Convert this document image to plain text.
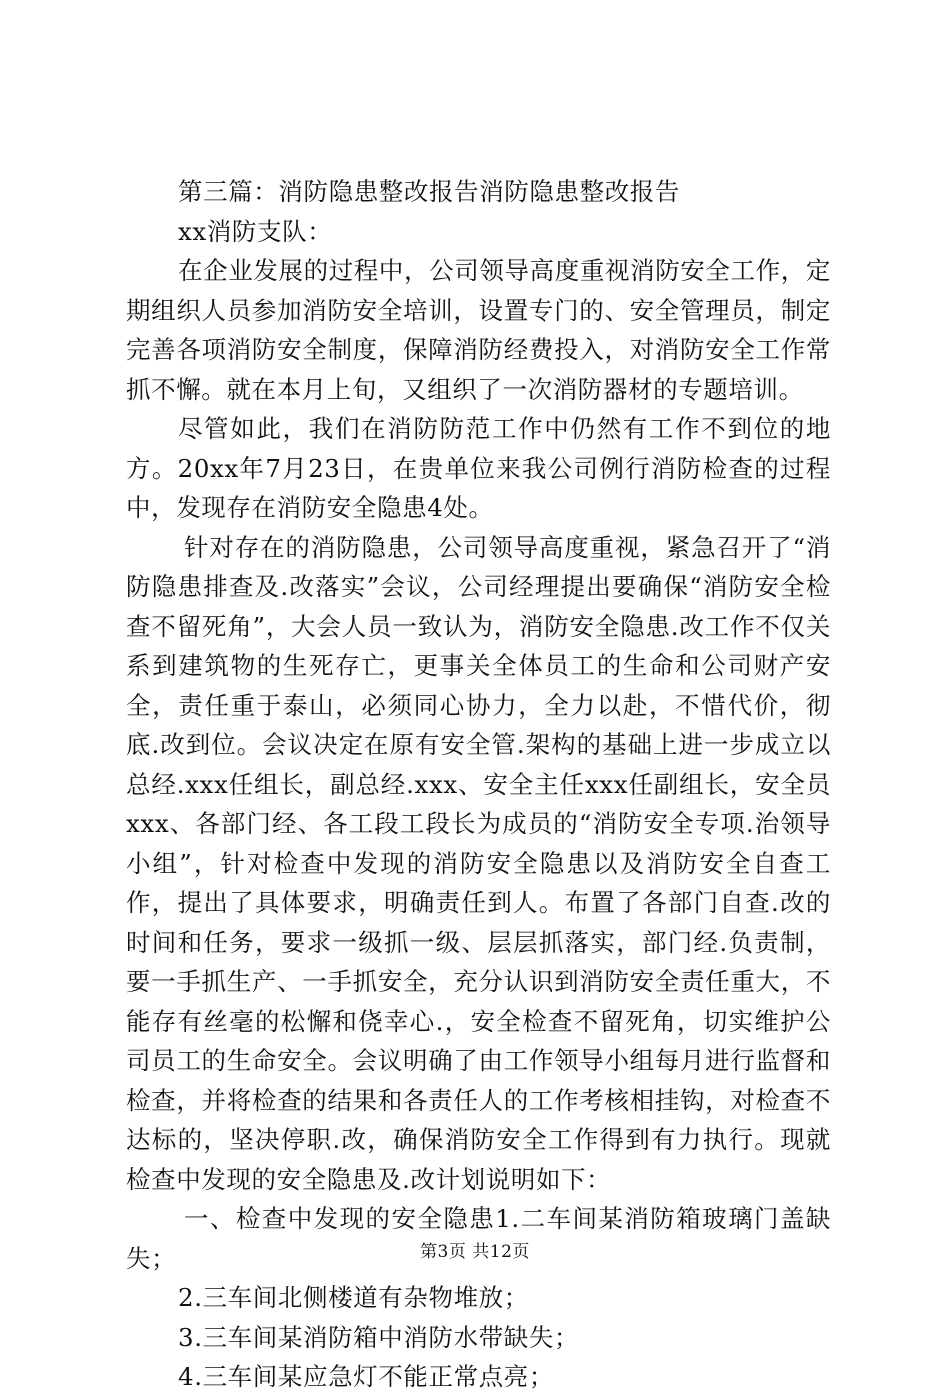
第三篇：消防隐患整改报告消防隐患整改报告

xx消防支队：

在企业发展的过程中，公司领导高度重视消防安全工作，定期组织人员参加消防安全培训，设置专门的、安全管理员，制定完善各项消防安全制度，保障消防经费投入，对消防安全工作常抓不懈。就在本月上旬，又组织了一次消防器材的专题培训。

尽管如此，我们在消防防范工作中仍然有工作不到位的地方。20xx年7月23日，在贵单位来我公司例行消防检查的过程中，发现存在消防安全隐患4处。

针对存在的消防隐患，公司领导高度重视，紧急召开了“消防隐患排查及.改落实”会议，公司经理提出要确保“消防安全检查不留死角”，大会人员一致认为，消防安全隐患.改工作不仅关系到建筑物的生死存亡，更事关全体员工的生命和公司财产安全，责任重于泰山，必须同心协力，全力以赴，不惜代价，彻底.改到位。会议决定在原有安全管.架构的基础上进一步成立以总经.xxx任组长，副总经.xxx、安全主任xxx任副组长，安全员xxx、各部门经、各工段工段长为成员的“消防安全专项.治领导小组”，针对检查中发现的消防安全隐患以及消防安全自查工作，提出了具体要求，明确责任到人。布置了各部门自查.改的时间和任务，要求一级抓一级、层层抓落实，部门经.负责制，要一手抓生产、一手抓安全，充分认识到消防安全责任重大，不能存有丝毫的松懈和侥幸心.，安全检查不留死角，切实维护公司员工的生命安全。会议明确了由工作领导小组每月进行监督和检查，并将检查的结果和各责任人的工作考核相挂钩，对检查不达标的，坚决停职.改，确保消防安全工作得到有力执行。现就检查中发现的安全隐患及.改计划说明如下：

一、检查中发现的安全隐患1.二车间某消防箱玻璃门盖缺失；

2.三车间北侧楼道有杂物堆放；

3.三车间某消防箱中消防水带缺失；

4.三车间某应急灯不能正常点亮；

第3页 共12页
